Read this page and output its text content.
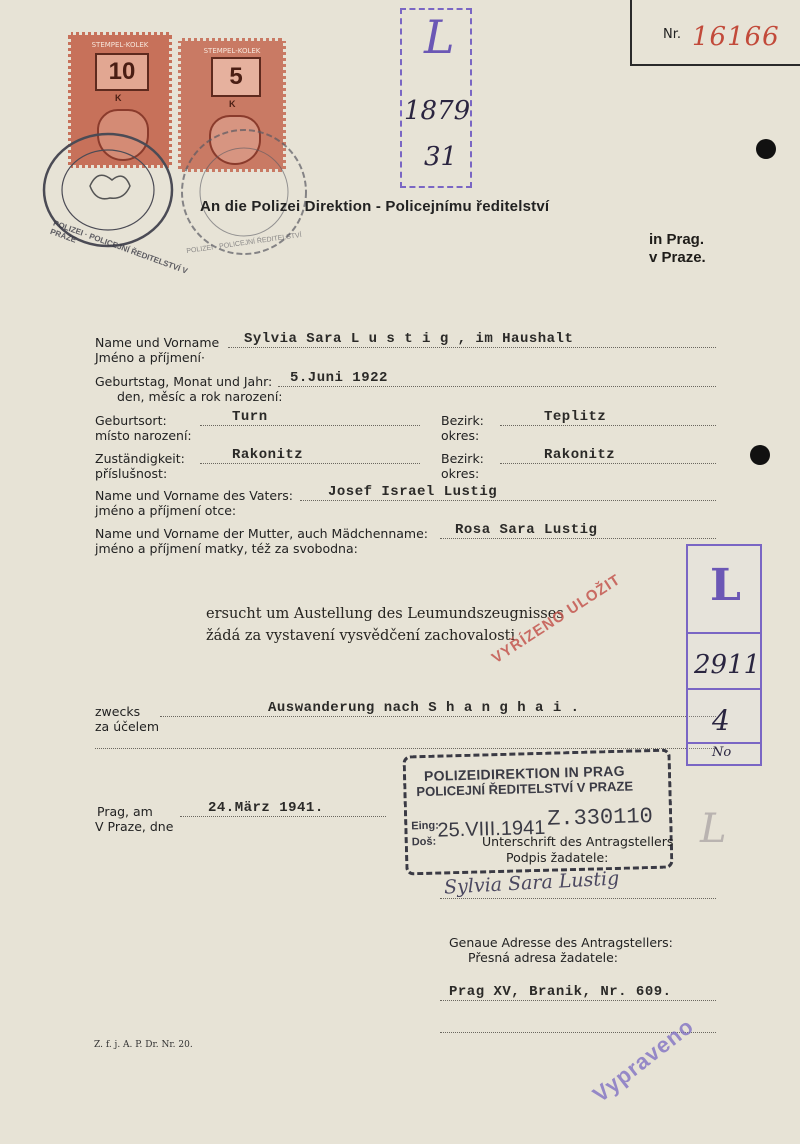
Nr. 16166
STEMPEL-KOLEK
10
K
STEMPEL-KOLEK
5
K
POLIZEI · POLICEJNÍ ŘEDITELSTVÍ V PRAZE	POLIZEI · POLICEJNÍ ŘEDITELSTVÍ
L
1879
31
An die Polizei Direktion - Policejnímu ředitelství
in Prag.
v Praze.
Name und Vorname
Jméno a příjmení·
Sylvia Sara L u s t i g , im Haushalt
Geburtstag, Monat und Jahr:
den, měsíc a rok narození:
5.Juni 1922
Geburtsort:
místo narození:
Turn	Bezirk:
okres:
Teplitz
Zuständigkeit:
příslušnost:
Rakonitz	Bezirk:
okres:
Rakonitz
Name und Vorname des Vaters:
jméno a příjmení otce:
Josef Israel Lustig
Name und Vorname der Mutter, auch Mädchenname:
jméno a příjmení matky, též za svobodna:
Rosa Sara Lustig
ersucht um Austellung des Leumundszeugnisses
žádá za vystavení vysvědčení zachovalosti
VYŘÍZENO ULOŽIT
zwecks
za účelem
Auswanderung nach S h a n g h a i .
L
2911
4
No
POLIZEIDIREKTION IN PRAG
POLICEJNÍ ŘEDITELSTVÍ V PRAZE
Eing:
Doš:
25.VIII.1941 Z.330110
Prag, am
V Praze, dne
24.März 1941.
Unterschrift des Antragstellers
Podpis žadatele:
Sylvia Sara Lustig
L
Genaue Adresse des Antragstellers:
Přesná adresa žadatele:
Prag XV, Branik, Nr. 609.
Vypraveno
Z. f. j. A. P. Dr. Nr. 20.
